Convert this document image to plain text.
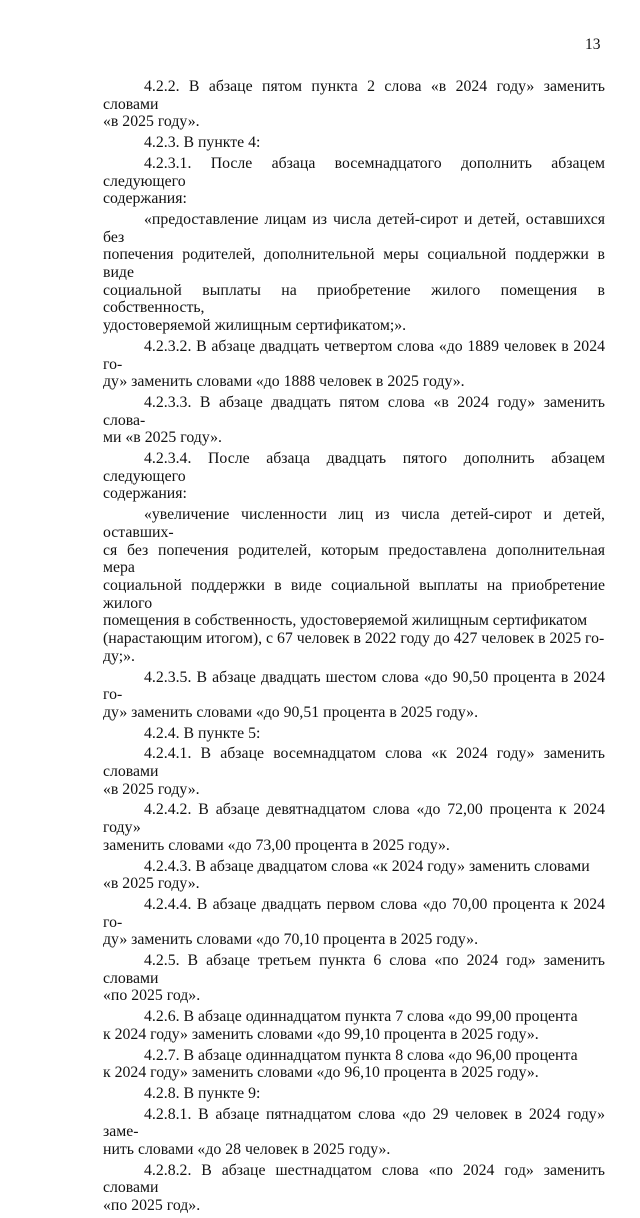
13

4.2.2. В абзаце пятом пункта 2 слова «в 2024 году» заменить словами
«в 2025 году».

4.2.3. В пункте 4:

4.2.3.1. После абзаца восемнадцатого дополнить абзацем следующего
содержания:

«предоставление лицам из числа детей-сирот и детей, оставшихся без
попечения родителей, дополнительной меры социальной поддержки в виде
социальной выплаты на приобретение жилого помещения в собственность,
удостоверяемой жилищным сертификатом;».

4.2.3.2. В абзаце двадцать четвертом слова «до 1889 человек в 2024 го-
ду» заменить словами «до 1888 человек в 2025 году».

4.2.3.3. В абзаце двадцать пятом слова «в 2024 году» заменить слова-
ми «в 2025 году».

4.2.3.4. После абзаца двадцать пятого дополнить абзацем следующего
содержания:

«увеличение численности лиц из числа детей-сирот и детей, оставших-
ся без попечения родителей, которым предоставлена дополнительная мера
социальной поддержки в виде социальной выплаты на приобретение жилого
помещения в собственность, удостоверяемой жилищным сертификатом
(нарастающим итогом), с 67 человек в 2022 году до 427 человек в 2025 го-
ду;».

4.2.3.5. В абзаце двадцать шестом слова «до 90,50 процента в 2024 го-
ду» заменить словами «до 90,51 процента в 2025 году».

4.2.4. В пункте 5:

4.2.4.1. В абзаце восемнадцатом слова «к 2024 году» заменить словами
«в 2025 году».

4.2.4.2. В абзаце девятнадцатом слова «до 72,00 процента к 2024 году»
заменить словами «до 73,00 процента в 2025 году».

4.2.4.3. В абзаце двадцатом слова «к 2024 году» заменить словами
«в 2025 году».

4.2.4.4. В абзаце двадцать первом слова «до 70,00 процента к 2024 го-
ду» заменить словами «до 70,10 процента в 2025 году».

4.2.5. В абзаце третьем пункта 6 слова «по 2024 год» заменить словами
«по 2025 год».

4.2.6. В абзаце одиннадцатом пункта 7 слова «до 99,00 процента
к 2024 году» заменить словами «до 99,10 процента в 2025 году».

4.2.7. В абзаце одиннадцатом пункта 8 слова «до 96,00 процента
к 2024 году» заменить словами «до 96,10 процента в 2025 году».

4.2.8. В пункте 9:

4.2.8.1. В абзаце пятнадцатом слова «до 29 человек в 2024 году» заме-
нить словами «до 28 человек в 2025 году».

4.2.8.2. В абзаце шестнадцатом слова «по 2024 год» заменить словами
«по 2025 год».
